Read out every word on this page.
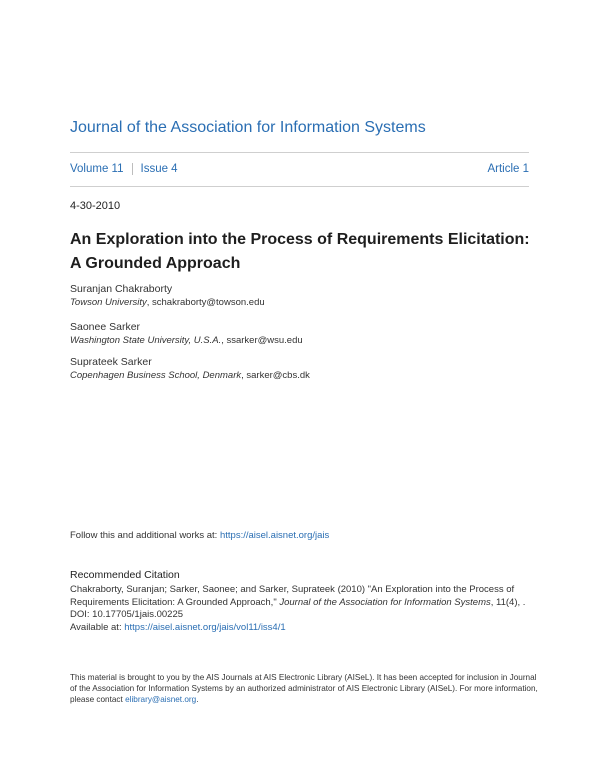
Journal of the Association for Information Systems
Volume 11 Issue 4	Article 1
4-30-2010
An Exploration into the Process of Requirements Elicitation: A Grounded Approach
Suranjan Chakraborty
Towson University, schakraborty@towson.edu
Saonee Sarker
Washington State University, U.S.A., ssarker@wsu.edu
Suprateek Sarker
Copenhagen Business School, Denmark, sarker@cbs.dk
Follow this and additional works at: https://aisel.aisnet.org/jais
Recommended Citation
Chakraborty, Suranjan; Sarker, Saonee; and Sarker, Suprateek (2010) "An Exploration into the Process of Requirements Elicitation: A Grounded Approach," Journal of the Association for Information Systems, 11(4), .
DOI: 10.17705/1jais.00225
Available at: https://aisel.aisnet.org/jais/vol11/iss4/1
This material is brought to you by the AIS Journals at AIS Electronic Library (AISeL). It has been accepted for inclusion in Journal of the Association for Information Systems by an authorized administrator of AIS Electronic Library (AISeL). For more information, please contact elibrary@aisnet.org.
